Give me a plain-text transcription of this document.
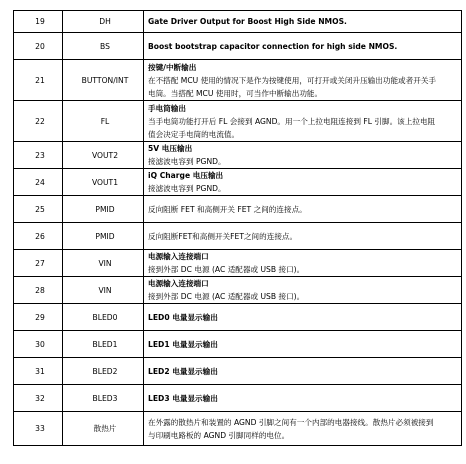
19	DH	Gate Driver Output for Boost High Side NMOS.

20	BS	Boost bootstrap capacitor connection for high side NMOS.

21	BUTTON/INT	按键/中断输出
在不搭配 MCU 使用的情况下是作为按键使用，可打开或关闭升压输出功能或者开关手
电筒。当搭配 MCU 使用时，可当作中断输出功能。

22	FL	手电筒输出
当手电筒功能打开后 FL 会接到 AGND。用一个上拉电阻连接到 FL 引脚。该上拉电阻
值会决定手电筒的电流值。

23	VOUT2	5V 电压输出
接滤波电容到 PGND。

24	VOUT1	iQ Charge 电压输出
接滤波电容到 PGND。

25	PMID	反向阻断 FET 和高侧开关 FET 之间的连接点。

26	PMID	反向阻断FET和高侧开关FET之间的连接点。

27	VIN	电源输入连接端口
接到外部 DC 电源 (AC 适配器或 USB 接口)。

28	VIN	电源输入连接端口
接到外部 DC 电源 (AC 适配器或 USB 接口)。

29	BLED0	LED0 电量显示输出

30	BLED1	LED1 电量显示输出

31	BLED2	LED2 电量显示输出

32	BLED3	LED3 电量显示输出

33	散热片	在外露的散热片和装置的 AGND 引脚之间有一个内部的电器接线。散热片必须被接到
与印刷电路板的 AGND 引脚同样的电位。
